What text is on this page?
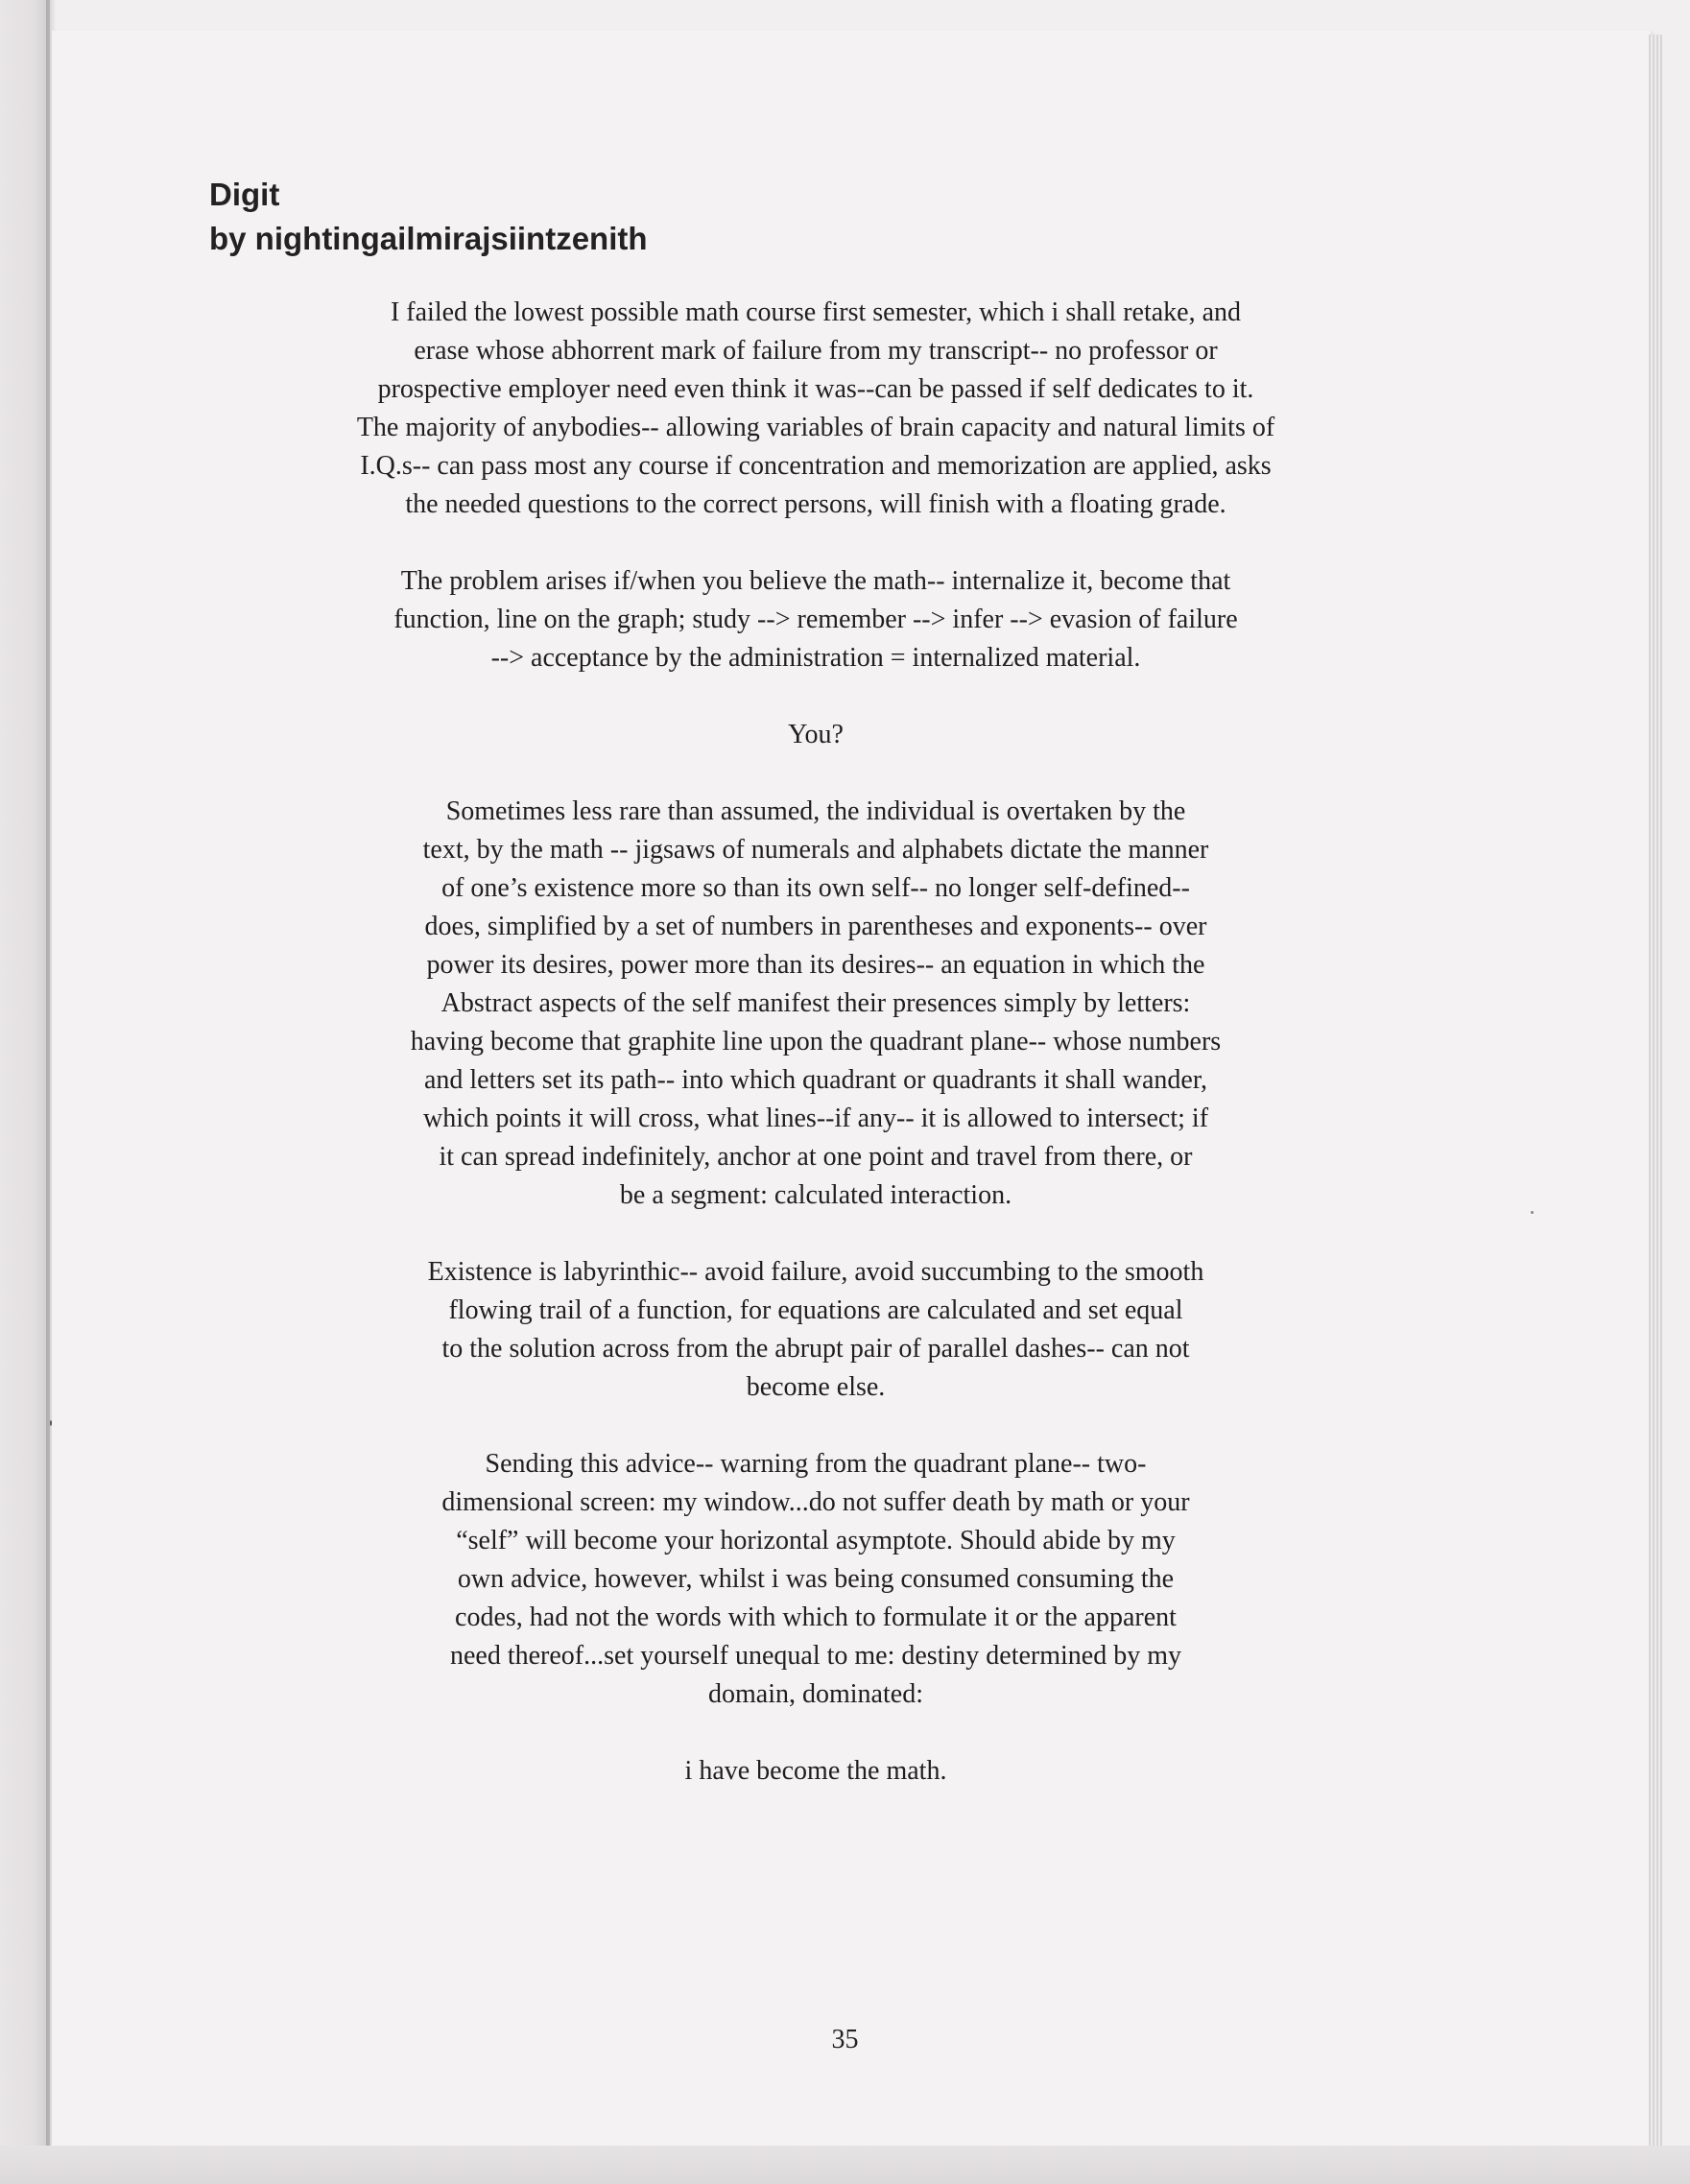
Digit
by nightingailmirajsiintzenith
I failed the lowest possible math course first semester, which i shall retake, and
erase whose abhorrent mark of failure from my transcript-- no professor or
prospective employer need even think it was--can be passed if self dedicates to it.
The majority of anybodies-- allowing variables of brain capacity and natural limits of
I.Q.s-- can pass most any course if concentration and memorization are applied, asks
the needed questions to the correct persons, will finish with a floating grade.
The problem arises if/when you believe the math-- internalize it, become that
function, line on the graph; study --> remember --> infer --> evasion of failure
--> acceptance by the administration = internalized material.
You?
Sometimes less rare than assumed, the individual is overtaken by the
text, by the math -- jigsaws of numerals and alphabets dictate the manner
of one’s existence more so than its own self-- no longer self-defined--
does, simplified by a set of numbers in parentheses and exponents-- over
power its desires, power more than its desires-- an equation in which the
Abstract aspects of the self manifest their presences simply by letters:
having become that graphite line upon the quadrant plane-- whose numbers
and letters set its path-- into which quadrant or quadrants it shall wander,
which points it will cross, what lines--if any-- it is allowed to intersect; if
it can spread indefinitely, anchor at one point and travel from there, or
be a segment: calculated interaction.
Existence is labyrinthic-- avoid failure, avoid succumbing to the smooth
flowing trail of a function, for equations are calculated and set equal
to the solution across from the abrupt pair of parallel dashes-- can not
become else.
Sending this advice-- warning from the quadrant plane-- two-
dimensional screen: my window...do not suffer death by math or your
“self” will become your horizontal asymptote. Should abide by my
own advice, however, whilst i was being consumed consuming the
codes, had not the words with which to formulate it or the apparent
need thereof...set yourself unequal to me: destiny determined by my
domain, dominated:
i have become the math.
35
